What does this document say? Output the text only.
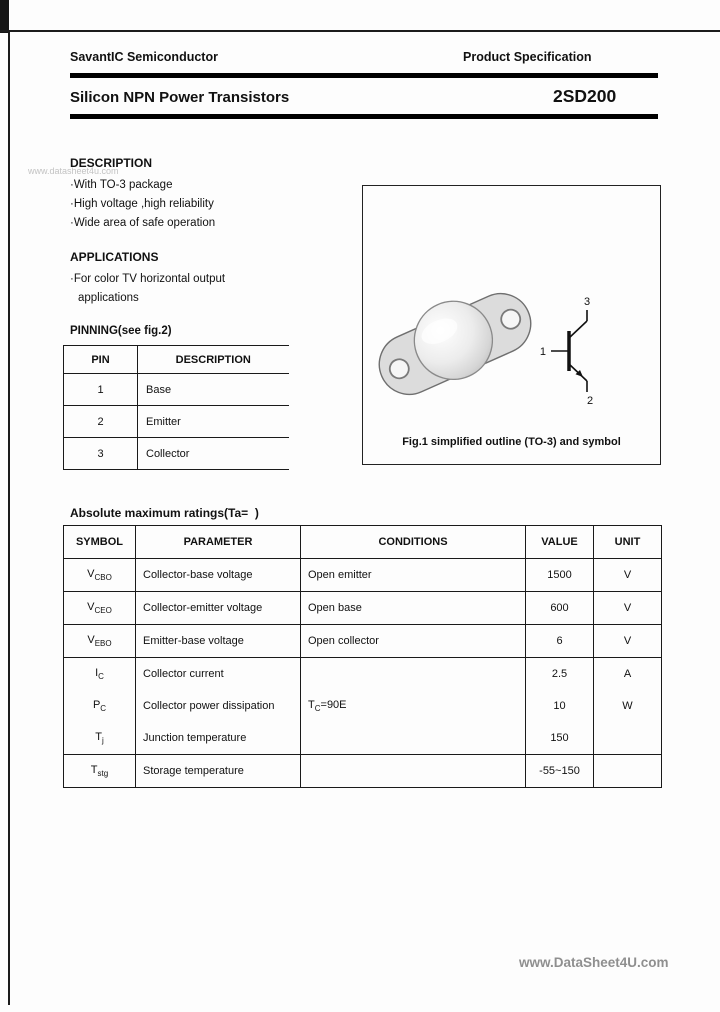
SavantIC Semiconductor	Product Specification
Silicon NPN Power Transistors	2SD200
www.datasheet4u.com
DESCRIPTION
·With TO-3 package
·High voltage ,high reliability
·Wide area of safe operation
APPLICATIONS
·For color TV horizontal output
applications
PINNING(see fig.2)
PIN	DESCRIPTION
1	Base
2	Emitter
3	Collector
1
3
2
Fig.1 simplified outline (TO-3) and symbol
Absolute maximum ratings(Ta=  )
SYMBOL	PARAMETER	CONDITIONS	VALUE	UNIT
$V_{CBO}$	Collector-base voltage	Open emitter	1500	V
$V_{CEO}$	Collector-emitter voltage	Open base	600	V
$V_{EBO}$	Emitter-base voltage	Open collector	6	V
$I_C$	Collector current	$T_C=90E$	2.5	A
$P_C$	Collector power dissipation		10	W
$T_j$	Junction temperature		150	
$T_{stg}$	Storage temperature		-55~150	
www.DataSheet4U.com
